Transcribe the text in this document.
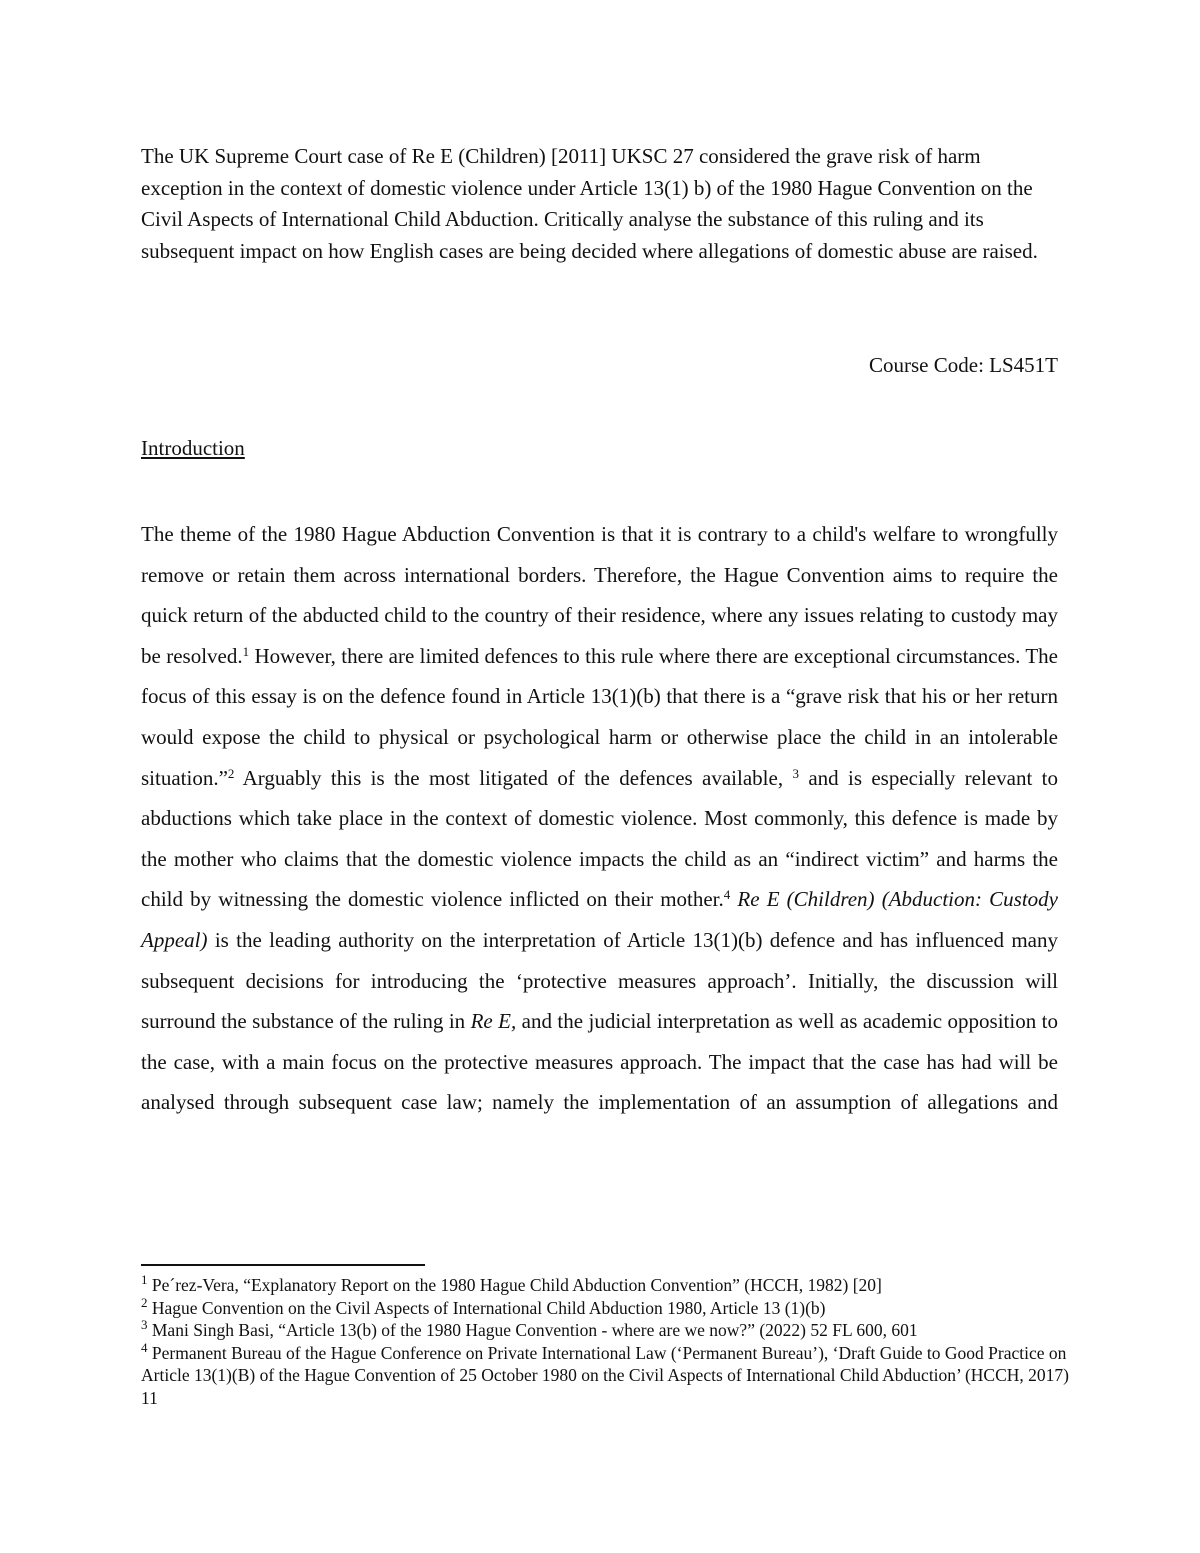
The UK Supreme Court case of Re E (Children) [2011] UKSC 27 considered the grave risk of harm exception in the context of domestic violence under Article 13(1) b) of the 1980 Hague Convention on the Civil Aspects of International Child Abduction. Critically analyse the substance of this ruling and its subsequent impact on how English cases are being decided where allegations of domestic abuse are raised.
Course Code: LS451T
Introduction
The theme of the 1980 Hague Abduction Convention is that it is contrary to a child's welfare to wrongfully remove or retain them across international borders. Therefore, the Hague Convention aims to require the quick return of the abducted child to the country of their residence, where any issues relating to custody may be resolved.$^1$ However, there are limited defences to this rule where there are exceptional circumstances. The focus of this essay is on the defence found in Article 13(1)(b) that there is a “grave risk that his or her return would expose the child to physical or psychological harm or otherwise place the child in an intolerable situation.”$^2$ Arguably this is the most litigated of the defences available, $^3$ and is especially relevant to abductions which take place in the context of domestic violence. Most commonly, this defence is made by the mother who claims that the domestic violence impacts the child as an “indirect victim” and harms the child by witnessing the domestic violence inflicted on their mother.$^4$ Re E (Children) (Abduction: Custody Appeal) is the leading authority on the interpretation of Article 13(1)(b) defence and has influenced many subsequent decisions for introducing the ‘protective measures approach’. Initially, the discussion will surround the substance of the ruling in Re E, and the judicial interpretation as well as academic opposition to the case, with a main focus on the protective measures approach. The impact that the case has had will be analysed through subsequent case law; namely the implementation of an assumption of allegations and

$^1$ Pe´rez-Vera, “Explanatory Report on the 1980 Hague Child Abduction Convention” (HCCH, 1982) [20]

$^2$ Hague Convention on the Civil Aspects of International Child Abduction 1980, Article 13 (1)(b)

$^3$ Mani Singh Basi, “Article 13(b) of the 1980 Hague Convention - where are we now?” (2022) 52 FL 600, 601

$^4$ Permanent Bureau of the Hague Conference on Private International Law (‘Permanent Bureau’), ‘Draft Guide to Good Practice on Article 13(1)(B) of the Hague Convention of 25 October 1980 on the Civil Aspects of International Child Abduction’ (HCCH, 2017) 11
